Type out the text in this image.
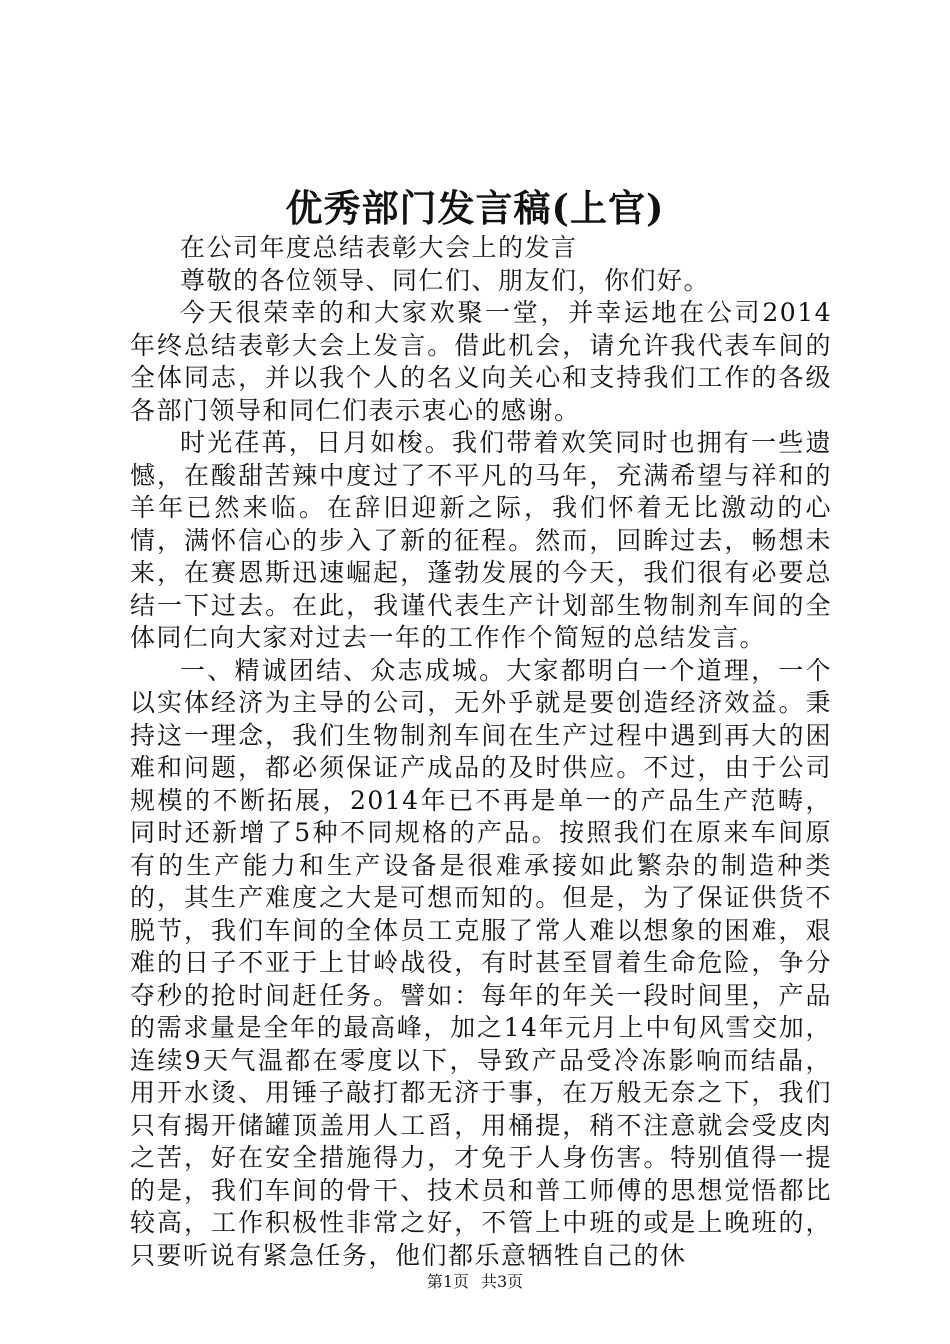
优秀部门发言稿(上官)

在公司年度总结表彰大会上的发言

尊敬的各位领导、同仁们、朋友们，你们好。

今天很荣幸的和大家欢聚一堂，并幸运地在公司2014年终总结表彰大会上发言。借此机会，请允许我代表车间的全体同志，并以我个人的名义向关心和支持我们工作的各级各部门领导和同仁们表示衷心的感谢。

时光荏苒，日月如梭。我们带着欢笑同时也拥有一些遗憾，在酸甜苦辣中度过了不平凡的马年，充满希望与祥和的羊年已然来临。在辞旧迎新之际，我们怀着无比激动的心情，满怀信心的步入了新的征程。然而，回眸过去，畅想未来，在赛恩斯迅速崛起，蓬勃发展的今天，我们很有必要总结一下过去。在此，我谨代表生产计划部生物制剂车间的全体同仁向大家对过去一年的工作作个简短的总结发言。

一、精诚团结、众志成城。大家都明白一个道理，一个以实体经济为主导的公司，无外乎就是要创造经济效益。秉持这一理念，我们生物制剂车间在生产过程中遇到再大的困难和问题，都必须保证产成品的及时供应。不过，由于公司规模的不断拓展，2014年已不再是单一的产品生产范畴，同时还新增了5种不同规格的产品。按照我们在原来车间原有的生产能力和生产设备是很难承接如此繁杂的制造种类的，其生产难度之大是可想而知的。但是，为了保证供货不脱节，我们车间的全体员工克服了常人难以想象的困难，艰难的日子不亚于上甘岭战役，有时甚至冒着生命危险，争分夺秒的抢时间赶任务。譬如：每年的年关一段时间里，产品的需求量是全年的最高峰，加之14年元月上中旬风雪交加，连续9天气温都在零度以下，导致产品受冷冻影响而结晶，用开水烫、用锤子敲打都无济于事，在万般无奈之下，我们只有揭开储罐顶盖用人工舀，用桶提，稍不注意就会受皮肉之苦，好在安全措施得力，才免于人身伤害。特别值得一提的是，我们车间的骨干、技术员和普工师傅的思想觉悟都比较高，工作积极性非常之好，不管上中班的或是上晚班的，只要听说有紧急任务，他们都乐意牺牲自己的休

第1页 共3页
